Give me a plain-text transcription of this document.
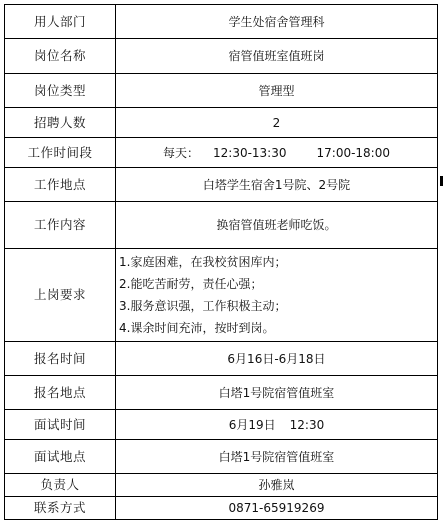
用人部门	学生处宿舍管理科
岗位名称	宿管值班室值班岗
岗位类型	管理型
招聘人数	2
工作时间段	每天： 12:30-13:30 17:00-18:00
工作地点	白塔学生宿舍1号院、2号院
工作内容	换宿管值班老师吃饭。
上岗要求	1.家庭困难，在我校贫困库内；
2.能吃苦耐劳，责任心强；
3.服务意识强，工作积极主动；
4.课余时间充沛，按时到岗。

报名时间	6月16日-6月18日
报名地点	白塔1号院宿管值班室
面试时间	6月19日 12:30
面试地点	白塔1号院宿管值班室
负责人	孙雅岚
联系方式	0871-65919269
